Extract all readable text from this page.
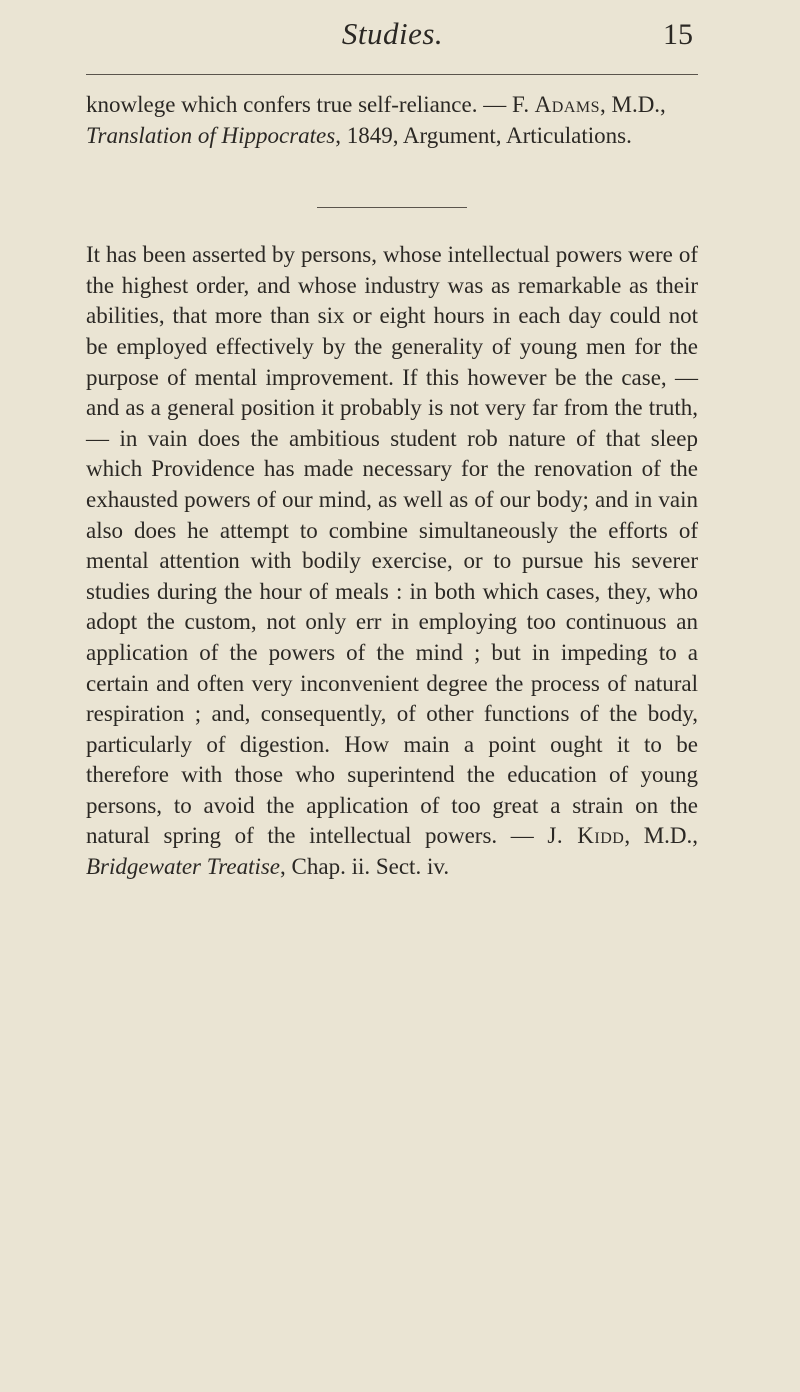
Studies.	15

knowlege which confers true self-reliance. — F. Adams, M.D., Translation of Hippocrates, 1849, Argument, Articulations.

It has been asserted by persons, whose intellectual powers were of the highest order, and whose industry was as remarkable as their abilities, that more than six or eight hours in each day could not be employed effectively by the generality of young men for the purpose of mental improvement. If this however be the case, — and as a general position it probably is not very far from the truth, — in vain does the ambitious student rob nature of that sleep which Providence has made necessary for the renovation of the exhausted powers of our mind, as well as of our body; and in vain also does he attempt to combine simultaneously the efforts of mental attention with bodily exercise, or to pursue his severer studies during the hour of meals : in both which cases, they, who adopt the custom, not only err in employing too continuous an application of the powers of the mind ; but in impeding to a certain and often very inconvenient degree the process of natural respiration ; and, consequently, of other functions of the body, particularly of digestion. How main a point ought it to be therefore with those who superintend the education of young persons, to avoid the application of too great a strain on the natural spring of the intellectual powers. — J. Kidd, M.D., Bridgewater Treatise, Chap. ii. Sect. iv.
